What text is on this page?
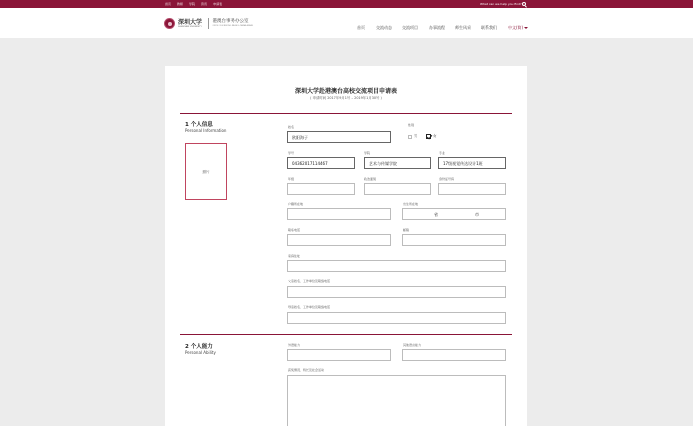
首页 教师 学院 资讯 申请表	What can we help you find?
深圳大学
SHENZHEN UNIVERSITY
港澳台事务办公室
OFFICE OF HONGKONG, MACAU & TAIWAN AFFAIRS	首页	交流动态	交流项目	办事流程	师生风采	联系我们	中文(简)
深圳大学赴港澳台高校交流项目申请表
( 申请时间 2017年9月1号 – 2019年1月30号 )
1 个人信息
Personal Information
照片
姓名
欧阳海子
性别
男	女
学号
04362017114467
学院
艺术与传媒学院
专业
17级视觉传达设计1班
年级	政治面貌	身份证号码
户籍所在地	出生所在地
省	市
联系电话	邮箱
家庭住址
父亲姓名、工作单位及联络电话
母亲姓名、工作单位及联络电话
2 个人能力
Personal Ability
外语能力	其他语言能力
获奖情况、特长及社会活动
